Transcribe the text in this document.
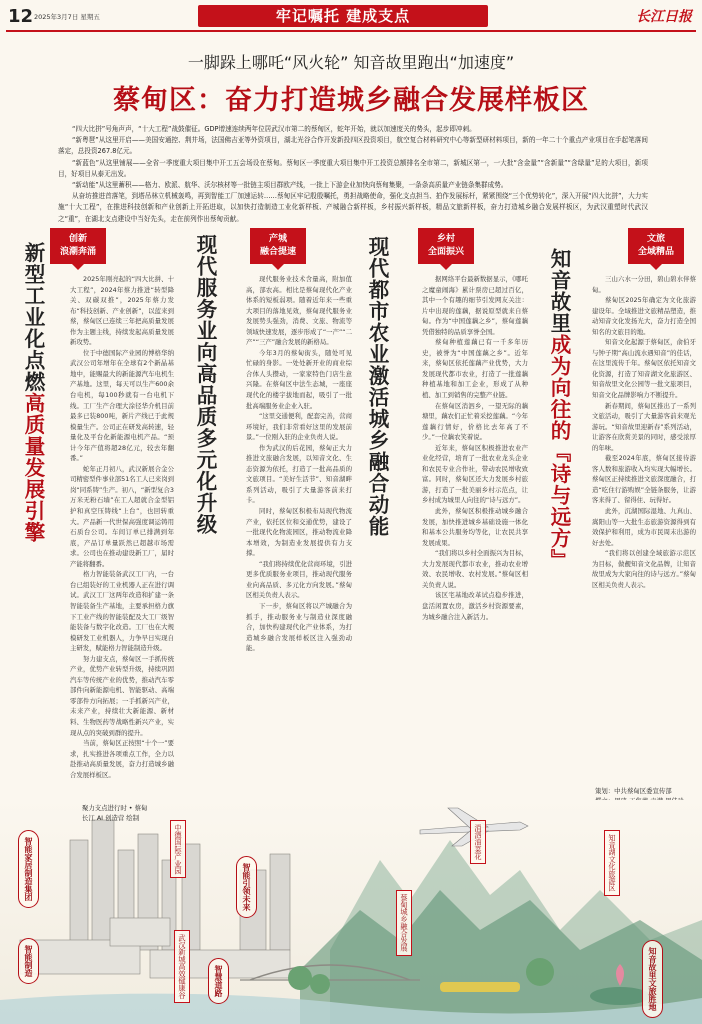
12 2025年3月7日 星期五	牢记嘱托 建成支点	长江日报
一脚跺上哪吒“风火轮” 知音故里跑出“加速度”
蔡甸区：奋力打造城乡融合发展样板区

“四大比拼”号角声声，“十大工程”战鼓催征。GDP增速连续两年位居武汉市第二的蔡甸区，蛇年开始，就以加速度关的势头，起步即冲刺。

“新粤琶”从这里开启——美国安通控、荆井场，法国佛吉亚等外资项目，湖北光谷合作开发新投四区投资项目，航空复合材料研究中心等新型研材料项目，新的一年二十个重点产业项目在手起笔落间落定，总投资267.8亿元。

“新蓝色”从这里铺展——全省一季度重大项目集中开工五会场设在蔡甸。蔡甸区一季度重大项目集中开工投资总额排名全市第二，新城区第一，一大批“含金量”“含新量”“含绿量”足的大项目，新项目，好项目从泰无出发。

“新动能”从这里蓄积——格力、欧派、航华、沃尔核材等一批链主项目群欧产线，一批上下游企业加快向蔡甸集聚，一条条高质量产业链条集群成势。

从奋坊推进首落笔，到塔吊林立机械轰鸣，再到智能工厂加速运转……蔡甸区牢记殷殷嘱托，勇担战略使命，强化支点担当、拍作发展标杆，紧紧围绕“三个优势转化”，深入开展“四大比拼”，大力实施“十大工程”，在推进科技创新和产业创新上开拓进取，以加快打造制造工业化新样板、产城融合新样板，乡村振兴新样板，精品文旅新样板，奋力打造城乡融合发展样板区，为武汉重塑时代武汉之“重”，在湖北支点建设中当好先头，走在前列作出蔡甸贡献。

创新
浪潮奔涌
新型工业化点燃高质量发展引擎

2025年刚亮起的“四大比拼、十大工程”，2024年蔡力推进“转型降关、双碳双推”，2025年蔡力发布“科技创新、产业创新”，以蓝来到蔡，蔡甸区已连续三年把高质量发展作为主题主线，持续发起高质量发展新攻势。

位于中德国际产业园的博格华纳武汉公司年增年在全球有2个新晶基地中，能赐最大的新能源汽车电机生产基地。这里，每天可以生产600余台电机，每100秒就有一台电机下线。工厂生产合理大涂径华介机目前最多已装800吨，新片产线已于此规模量生产。公司正在研发高转速，轻量化及平台化新能源电机产品。“预计今年产值将超28亿元，较去年翻番。”

蛇年正月初八，武汉新展合金公司精密型件事业部51名工人已来岗到岗“同系铸”生产。初八，“新型复合3万米无粉石墙”在工人超就合金型铝护和真空压铸线“上台”，也回转重大。产品新一代世保高强度调运铸用石质台公司。车间订单已排满到年底，产品订单量跃然已超越市场需求。公司也在推动建设新工厂，届时产能将翻番。

格力智能装备武汉工厂内，一台台已组装好的工业机器人正在进行调试。武汉工厂这两年改造和扩建一条智能装备生产基地，主要承担格力旗下工业产线的智能装配及大工厂级智能装备与数字化改造。工厂也在大规模研发工业机器人，力争早日实现自主研发，赋能格力智能制造升级。

努力建支点，蔡甸区一手抓传统产业，优势产业转型升级，持续巩固汽车等传统产业的优势，推动汽车零部件向新能源电机、智能驱动、高端零部件方向拓展；一手抓新兴产业，未来产业，持续壮大新能源、新材料、生物医药等战略性新兴产业，实现从点的突破到群的提升。

当前，蔡甸区正按照“十个一”要求，扎实推进各项重点工作，全力以赴推动高质量发展，奋力打造城乡融合发展样板区。

产城
融合提速
现代服务业向高品质多元化升级

现代服务业技术含量高，附加值高，部农高。相比是蔡甸现代化产业体系的短板弱项。随着近年来一些重大项目的落地见效，蔡甸现代服务业发展势头强劲，消费、文旅、物流等领域快速发展，逐步形成了“一产”“二产”“三产”融合发展的新格局。

今年3月的蔡甸街头，随处可见忙碌的身影。一处处新开业的商业综合体人头攒动，一家家特色门店生意兴隆。在蔡甸区中法生态城，一座座现代化的楼宇拔地而起，吸引了一批批高端服务业企业入驻。

“这里交通便利，配套完善，营商环境好，我们非常看好这里的发展前景。”一位刚入驻的企业负责人说。

作为武汉的后花园，蔡甸正大力推进文旅融合发展，以知音文化、生态资源为依托，打造了一批高品质的文旅项目。“美好生活节”、知音湖畔系列活动，吸引了大量游客前来打卡。

同时，蔡甸区积极布局现代物流产业，依托区位和交通优势，建设了一批现代化物流园区，推动物流业降本增效，为制造业发展提供有力支撑。

“我们将持续优化营商环境，引进更多优质服务业项目，推动现代服务业向高品质、多元化方向发展。”蔡甸区相关负责人表示。

下一步，蔡甸区将以产城融合为抓手，推动服务业与制造业深度融合，加快构建现代化产业体系，为打造城乡融合发展样板区注入强劲动能。

乡村
全面振兴
现代都市农业激活城乡融合动能

据网络平台最新数据显示，《哪吒之魔童闹海》累计票房已超过百亿，其中一个有趣的细节引发网友关注：片中出现的莲藕，据说原型就来自蔡甸。作为“中国莲藕之乡”，蔡甸莲藕凭借独特的品质享誉全国。

蔡甸种植莲藕已有一千多年历史，被誉为“中国莲藕之乡”。近年来，蔡甸区依托莲藕产业优势，大力发展现代都市农业，打造了一批莲藕种植基地和加工企业，形成了从种植、加工到销售的完整产业链。

在蔡甸区消泗乡，一望无际的藕塘里，藕农们正忙着采挖莲藕。“今年莲藕行情好，价格比去年高了不少。”一位藕农笑着说。

近年来，蔡甸区积极推进农业产业化经营，培育了一批农业龙头企业和农民专业合作社，带动农民增收致富。同时，蔡甸区还大力发展乡村旅游，打造了一批美丽乡村示范点，让乡村成为城里人向往的“诗与远方”。

此外，蔡甸区积极推动城乡融合发展，加快推进城乡基础设施一体化和基本公共服务均等化，让农民共享发展成果。

“我们将以乡村全面振兴为目标，大力发展现代都市农业，推动农业增效、农民增收、农村发展。”蔡甸区相关负责人说。

该区宅基地改革试点稳步推进，盘活闲置农房，激活乡村资源要素，为城乡融合注入新活力。

文旅
全域精品
知音故里成为向往的『诗与远方』

三山六水一分田，碧山碧水伴蔡甸。

蔡甸区2025年确定为文化旅游建设年。全域推进文旅精品塑造，推动知音文化发扬光大，奋力打造全国知名的文旅目的地。

知音文化起源于蔡甸区，俞伯牙与钟子期“高山流水遇知音”的佳话，在这里流传千年。蔡甸区依托知音文化资源，打造了知音湖文化旅游区、知音故里文化公园等一批文旅项目，知音文化品牌影响力不断提升。

新春期间，蔡甸区推出了一系列文旅活动，吸引了大量游客前来观光游玩。“知音故里迎新春”系列活动，让游客在欣赏美景的同时，感受浓厚的年味。

截至2024年底，蔡甸区接待游客人数和旅游收入均实现大幅增长。蔡甸区正持续推进文旅深度融合，打造“吃住行游购娱”全链条服务，让游客来得了、留得住、玩得好。

此外，沉湖国际湿地、九真山、嵩阳山等一大批生态旅游资源得到有效保护和利用，成为市民周末出游的好去处。

“我们将以创建全域旅游示范区为目标，做靓知音文化品牌，让知音故里成为大家向往的诗与远方。”蔡甸区相关负责人表示。

策划：中共蔡甸区委宣传部
聚力支点进行时 • 蔡甸
长江 AI 创造营 绘制
智能家居制造集团	智能引领未来
智能制造
智慧道路	知音故里文旅胜地
中德国际产业园
武汉新城高效健康谷
蔡甸城乡融合发展
消泗油菜花	知音湖文化旅游区
